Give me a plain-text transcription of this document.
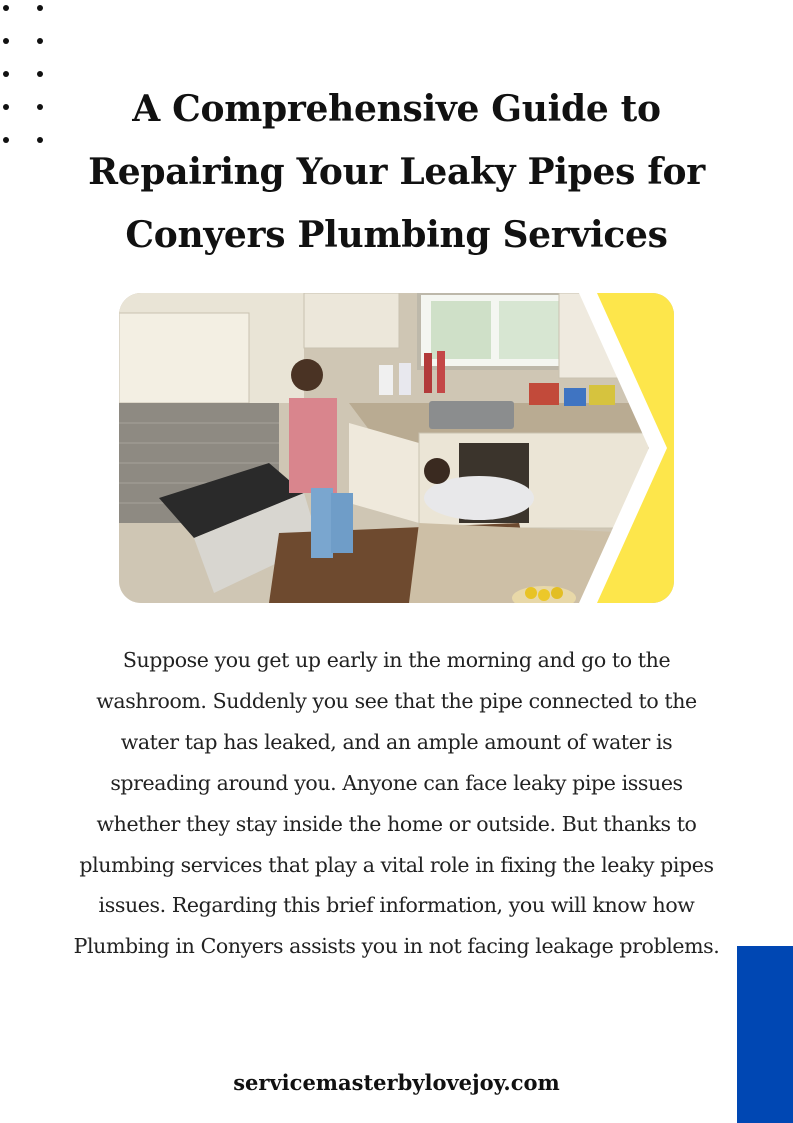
A Comprehensive Guide to Repairing Your Leaky Pipes for Conyers Plumbing Services

Suppose you get up early in the morning and go to the washroom. Suddenly you see that the pipe connected to the water tap has leaked, and an ample amount of water is spreading around you. Anyone can face leaky pipe issues whether they stay inside the home or outside. But thanks to plumbing services that play a vital role in fixing the leaky pipes issues. Regarding this brief information, you will know how Plumbing in Conyers assists you in not facing leakage problems.

servicemasterbylovejoy.com
